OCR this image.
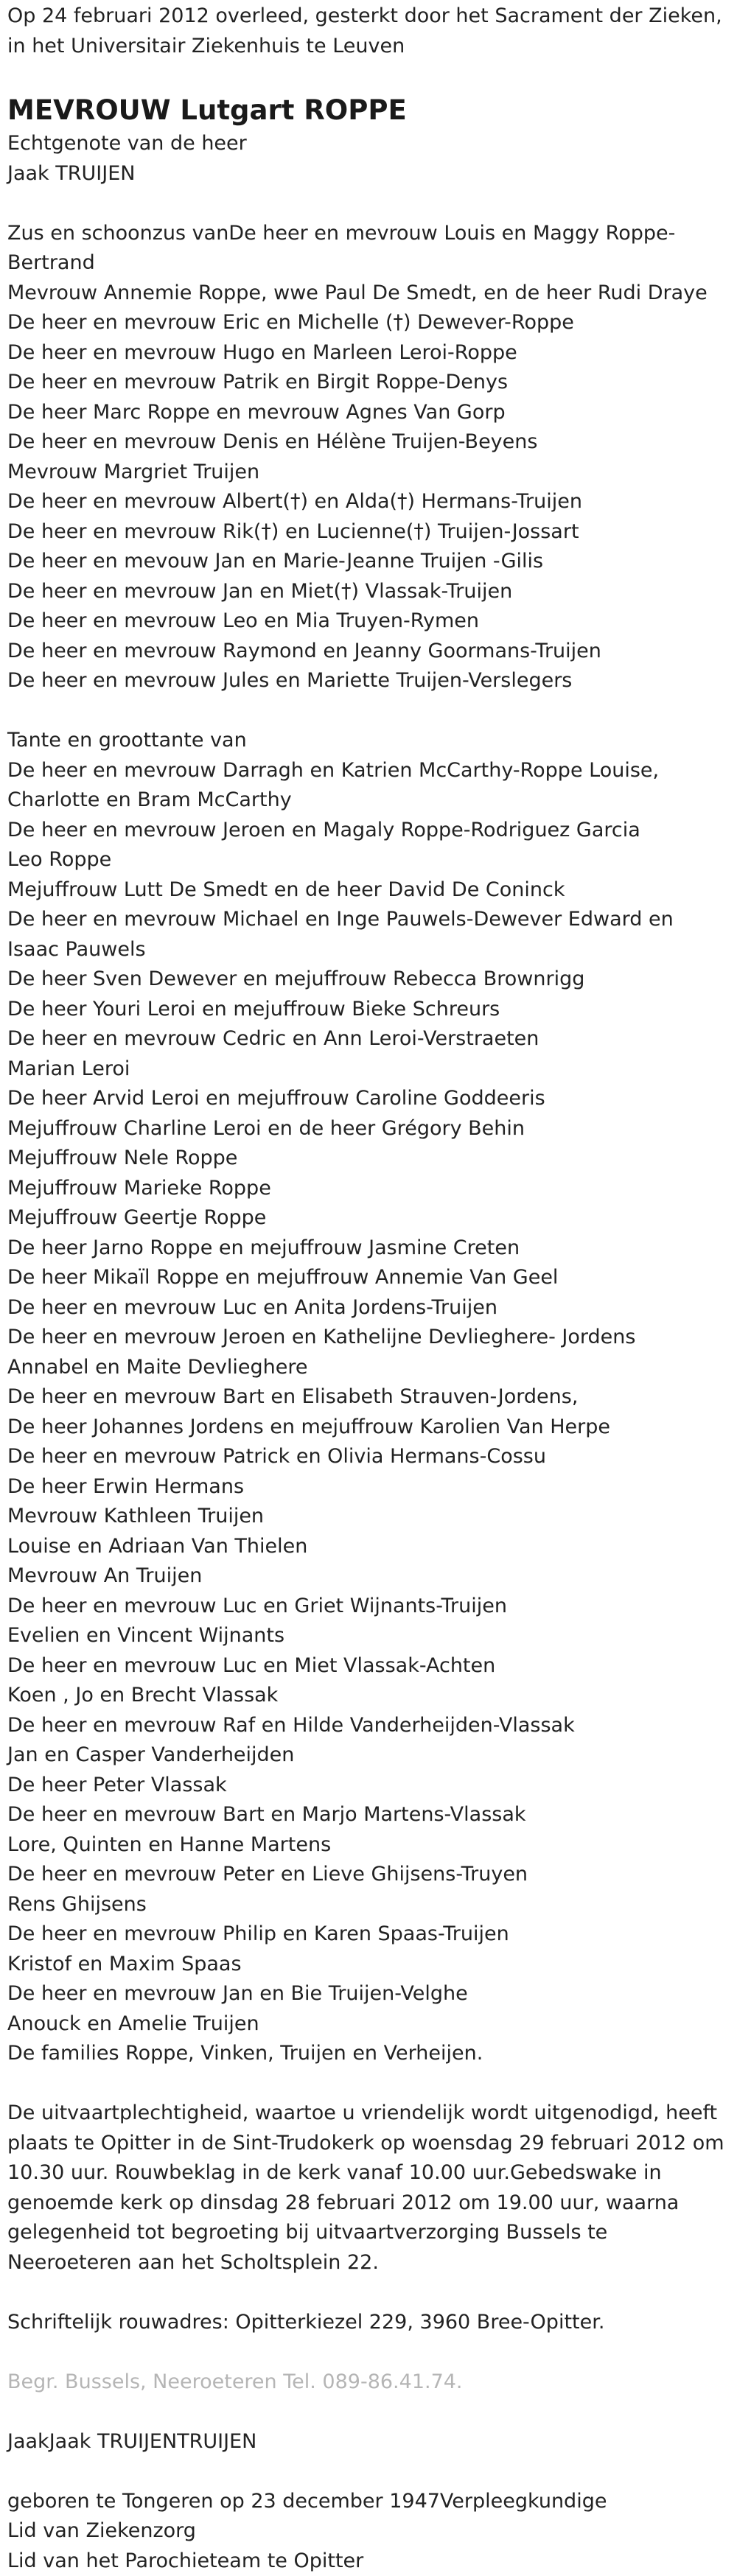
Op 24 februari 2012 overleed, gesterkt door het Sacrament der Zieken, in het Universitair Ziekenhuis te Leuven

MEVROUW Lutgart ROPPE
Echtgenote van de heer
Jaak TRUIJEN
Zus en schoonzus vanDe heer en mevrouw Louis en Maggy Roppe-Bertrand
Mevrouw Annemie Roppe, wwe Paul De Smedt, en de heer Rudi Draye
De heer en mevrouw Eric en Michelle (†) Dewever-Roppe
De heer en mevrouw Hugo en Marleen Leroi-Roppe
De heer en mevrouw Patrik en Birgit Roppe-Denys
De heer Marc Roppe en mevrouw Agnes Van Gorp
De heer en mevrouw Denis en Hélène Truijen-Beyens
Mevrouw Margriet Truijen
De heer en mevrouw Albert(†) en Alda(†) Hermans-Truijen
De heer en mevrouw Rik(†) en Lucienne(†) Truijen-Jossart
De heer en mevouw Jan en Marie-Jeanne Truijen -Gilis
De heer en mevrouw Jan en Miet(†) Vlassak-Truijen
De heer en mevrouw Leo en Mia Truyen-Rymen
De heer en mevrouw Raymond en Jeanny Goormans-Truijen
De heer en mevrouw Jules en Mariette Truijen-Verslegers
Tante en groottante van
De heer en mevrouw Darragh en Katrien McCarthy-Roppe Louise, Charlotte en Bram McCarthy
De heer en mevrouw Jeroen en Magaly Roppe-Rodriguez Garcia
Leo Roppe
Mejuffrouw Lutt De Smedt en de heer David De Coninck
De heer en mevrouw Michael en Inge Pauwels-Dewever Edward en Isaac Pauwels
De heer Sven Dewever en mejuffrouw Rebecca Brownrigg
De heer Youri Leroi en mejuffrouw Bieke Schreurs
De heer en mevrouw Cedric en Ann Leroi-Verstraeten
Marian Leroi
De heer Arvid Leroi en mejuffrouw Caroline Goddeeris
Mejuffrouw Charline Leroi en de heer Grégory Behin
Mejuffrouw Nele Roppe
Mejuffrouw Marieke Roppe
Mejuffrouw Geertje Roppe
De heer Jarno Roppe en mejuffrouw Jasmine Creten
De heer Mikaïl Roppe en mejuffrouw Annemie Van Geel
De heer en mevrouw Luc en Anita Jordens-Truijen
De heer en mevrouw Jeroen en Kathelijne Devlieghere- Jordens
Annabel en Maite Devlieghere
De heer en mevrouw Bart en Elisabeth Strauven-Jordens,
De heer Johannes Jordens en mejuffrouw Karolien Van Herpe
De heer en mevrouw Patrick en Olivia Hermans-Cossu
De heer Erwin Hermans
Mevrouw Kathleen Truijen
Louise en Adriaan Van Thielen
Mevrouw An Truijen
De heer en mevrouw Luc en Griet Wijnants-Truijen
Evelien en Vincent Wijnants
De heer en mevrouw Luc en Miet Vlassak-Achten
Koen , Jo en Brecht Vlassak
De heer en mevrouw Raf en Hilde Vanderheijden-Vlassak
Jan en Casper Vanderheijden
De heer Peter Vlassak
De heer en mevrouw Bart en Marjo Martens-Vlassak
Lore, Quinten en Hanne Martens
De heer en mevrouw Peter en Lieve Ghijsens-Truyen
Rens Ghijsens
De heer en mevrouw Philip en Karen Spaas-Truijen
Kristof en Maxim Spaas
De heer en mevrouw Jan en Bie Truijen-Velghe
Anouck en Amelie Truijen
De families Roppe, Vinken, Truijen en Verheijen.

De uitvaartplechtigheid, waartoe u vriendelijk wordt uitgenodigd, heeft plaats te Opitter in de Sint-Trudokerk op woensdag 29 februari 2012 om 10.30 uur. Rouwbeklag in de kerk vanaf 10.00 uur.Gebedswake in genoemde kerk op dinsdag 28 februari 2012 om 19.00 uur, waarna gelegenheid tot begroeting bij uitvaartverzorging Bussels te Neeroeteren aan het Scholtsplein 22.

Schriftelijk rouwadres: Opitterkiezel 229, 3960 Bree-Opitter.

Begr. Bussels, Neeroeteren Tel. 089-86.41.74.

JaakJaak TRUIJENTRUIJEN

geboren te Tongeren op 23 december 1947Verpleegkundige
Lid van Ziekenzorg
Lid van het Parochieteam te Opitter
